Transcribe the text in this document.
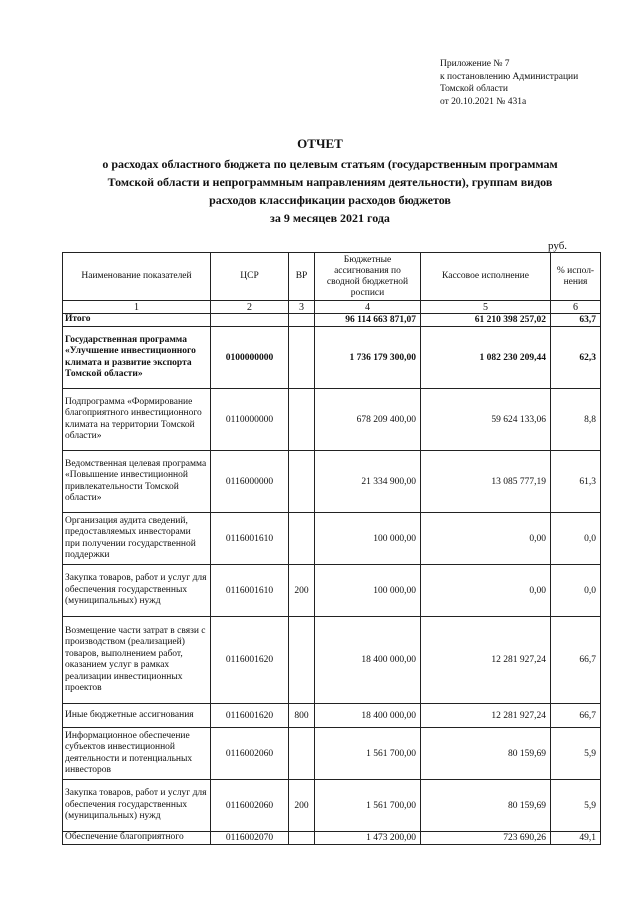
Приложение № 7
к постановлению Администрации
Томской области
от 20.10.2021 № 431а
ОТЧЕТ
о расходах областного бюджета по целевым статьям (государственным программам
Томской области и непрограммным направлениям деятельности), группам видов
расходов классификации расходов бюджетов
за 9 месяцев 2021 года
руб.
Наименование показателей	ЦСР	ВР	Бюджетные ассигнования по сводной бюджетной росписи	Кассовое исполнение	% испол-нения
1	2	3	4	5	6
Итого			96 114 663 871,07	61 210 398 257,02	63,7
Государственная программа «Улучшение инвестиционного климата и развитие экспорта Томской области»	0100000000		1 736 179 300,00	1 082 230 209,44	62,3
Подпрограмма «Формирование благоприятного инвестиционного климата на территории Томской области»	0110000000		678 209 400,00	59 624 133,06	8,8
Ведомственная целевая программа «Повышение инвестиционной привлекательности Томской области»	0116000000		21 334 900,00	13 085 777,19	61,3
Организация аудита сведений, предоставляемых инвесторами при получении государственной поддержки	0116001610		100 000,00	0,00	0,0
Закупка товаров, работ и услуг для обеспечения государственных (муниципальных) нужд	0116001610	200	100 000,00	0,00	0,0
Возмещение части затрат в связи с производством (реализацией) товаров, выполнением работ, оказанием услуг в рамках реализации инвестиционных проектов	0116001620		18 400 000,00	12 281 927,24	66,7
Иные бюджетные ассигнования	0116001620	800	18 400 000,00	12 281 927,24	66,7
Информационное обеспечение субъектов инвестиционной деятельности и потенциальных инвесторов	0116002060		1 561 700,00	80 159,69	5,9
Закупка товаров, работ и услуг для обеспечения государственных (муниципальных) нужд	0116002060	200	1 561 700,00	80 159,69	5,9
Обеспечение благоприятного	0116002070		1 473 200,00	723 690,26	49,1
